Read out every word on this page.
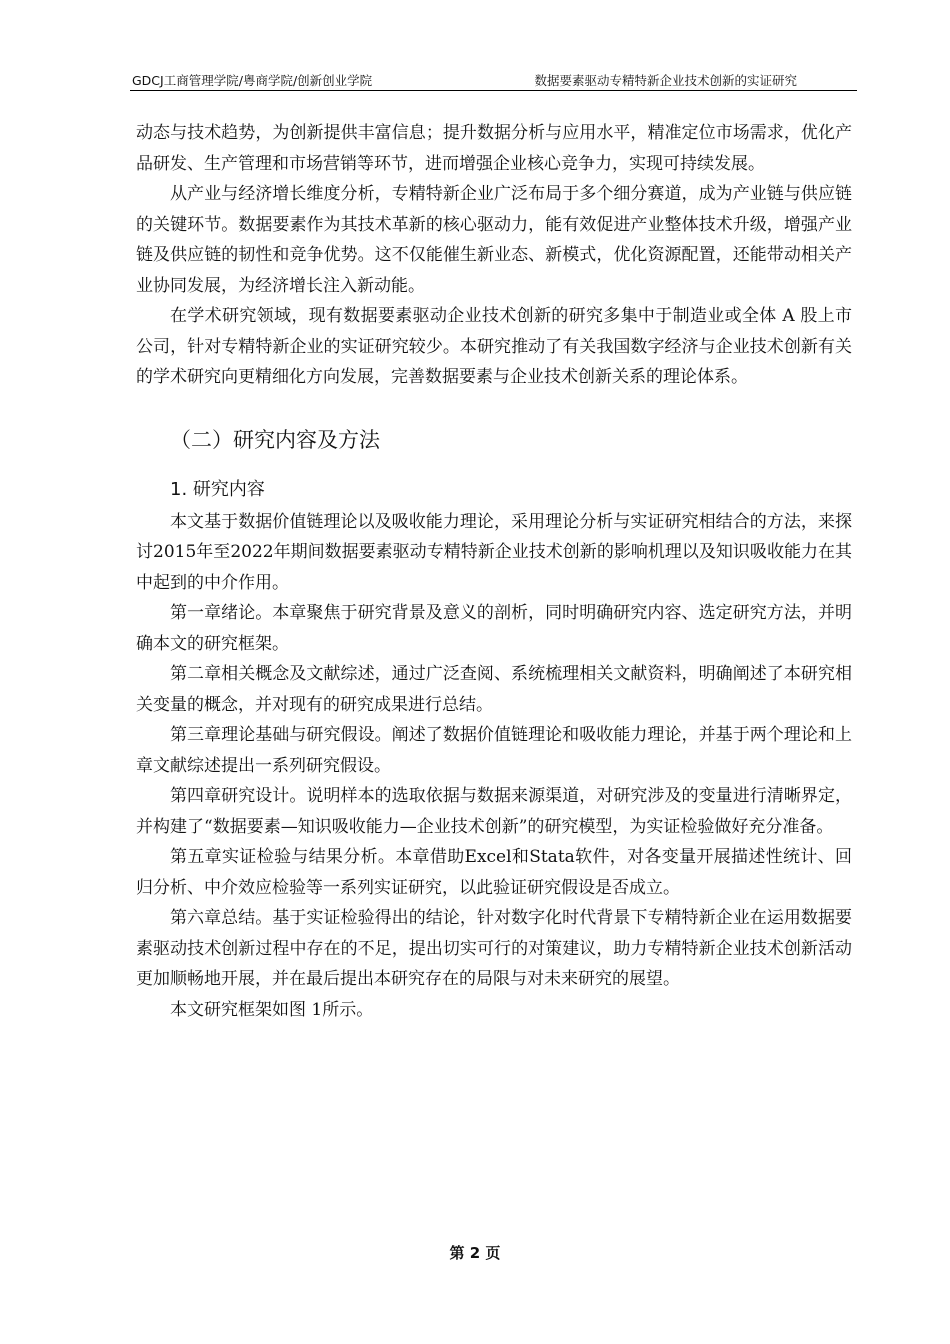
GDCJ工商管理学院/粤商学院/创新创业学院	数据要素驱动专精特新企业技术创新的实证研究

动态与技术趋势，为创新提供丰富信息；提升数据分析与应用水平，精准定位市场需求，优化产品研发、生产管理和市场营销等环节，进而增强企业核心竞争力，实现可持续发展。

从产业与经济增长维度分析，专精特新企业广泛布局于多个细分赛道，成为产业链与供应链的关键环节。数据要素作为其技术革新的核心驱动力，能有效促进产业整体技术升级，增强产业链及供应链的韧性和竞争优势。这不仅能催生新业态、新模式，优化资源配置，还能带动相关产业协同发展，为经济增长注入新动能。

在学术研究领域，现有数据要素驱动企业技术创新的研究多集中于制造业或全体 A 股上市公司，针对专精特新企业的实证研究较少。本研究推动了有关我国数字经济与企业技术创新有关的学术研究向更精细化方向发展，完善数据要素与企业技术创新关系的理论体系。

（二）研究内容及方法
1. 研究内容

本文基于数据价值链理论以及吸收能力理论，采用理论分析与实证研究相结合的方法，来探讨2015年至2022年期间数据要素驱动专精特新企业技术创新的影响机理以及知识吸收能力在其中起到的中介作用。

第一章绪论。本章聚焦于研究背景及意义的剖析，同时明确研究内容、选定研究方法，并明确本文的研究框架。

第二章相关概念及文献综述，通过广泛查阅、系统梳理相关文献资料，明确阐述了本研究相关变量的概念，并对现有的研究成果进行总结。

第三章理论基础与研究假设。阐述了数据价值链理论和吸收能力理论，并基于两个理论和上章文献综述提出一系列研究假设。

第四章研究设计。说明样本的选取依据与数据来源渠道，对研究涉及的变量进行清晰界定，并构建了“数据要素—知识吸收能力—企业技术创新”的研究模型，为实证检验做好充分准备。

第五章实证检验与结果分析。本章借助Excel和Stata软件，对各变量开展描述性统计、回归分析、中介效应检验等一系列实证研究，以此验证研究假设是否成立。

第六章总结。基于实证检验得出的结论，针对数字化时代背景下专精特新企业在运用数据要素驱动技术创新过程中存在的不足，提出切实可行的对策建议，助力专精特新企业技术创新活动更加顺畅地开展，并在最后提出本研究存在的局限与对未来研究的展望。

本文研究框架如图 1所示。

第 2 页
